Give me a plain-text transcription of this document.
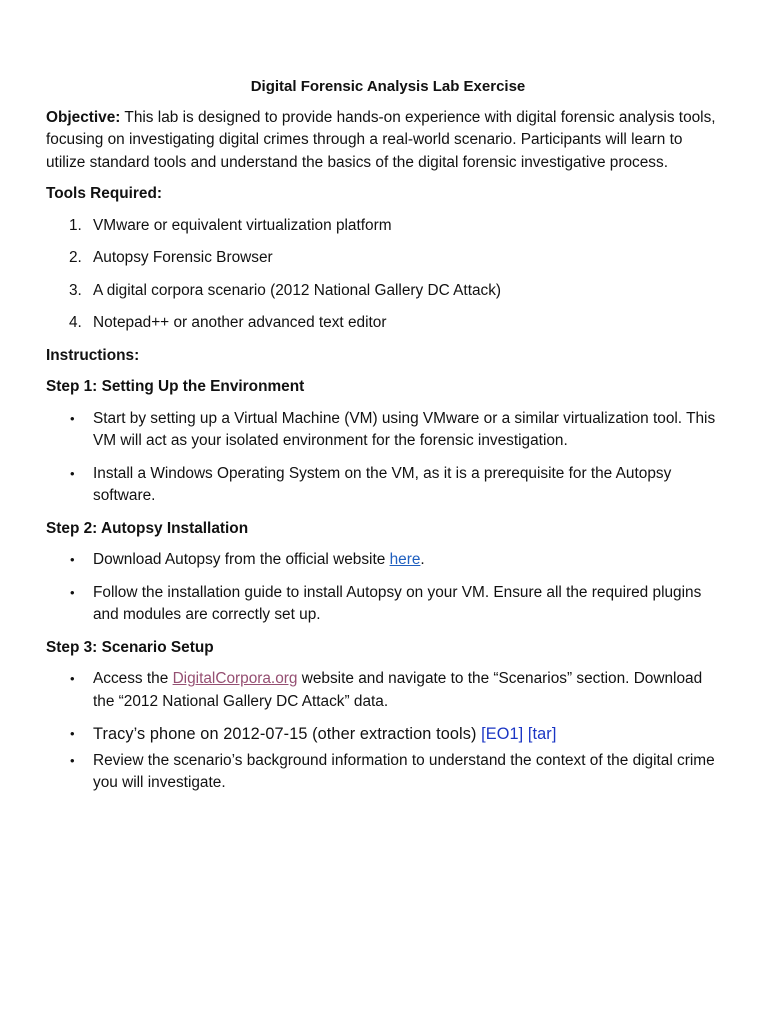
Digital Forensic Analysis Lab Exercise

Objective: This lab is designed to provide hands-on experience with digital forensic analysis tools, focusing on investigating digital crimes through a real-world scenario. Participants will learn to utilize standard tools and understand the basics of the digital forensic investigative process.

Tools Required:
1. VMware or equivalent virtualization platform
2. Autopsy Forensic Browser
3. A digital corpora scenario (2012 National Gallery DC Attack)
4. Notepad++ or another advanced text editor
Instructions:
Step 1: Setting Up the Environment
• Start by setting up a Virtual Machine (VM) using VMware or a similar virtualization tool. This VM will act as your isolated environment for the forensic investigation.
• Install a Windows Operating System on the VM, as it is a prerequisite for the Autopsy software.
Step 2: Autopsy Installation
• Download Autopsy from the official website here.
• Follow the installation guide to install Autopsy on your VM. Ensure all the required plugins and modules are correctly set up.
Step 3: Scenario Setup
• Access the DigitalCorpora.org website and navigate to the “Scenarios” section. Download the “2012 National Gallery DC Attack” data.
• Tracy’s phone on 2012-07-15 (other extraction tools) [EO1] [tar]
• Review the scenario’s background information to understand the context of the digital crime you will investigate.
